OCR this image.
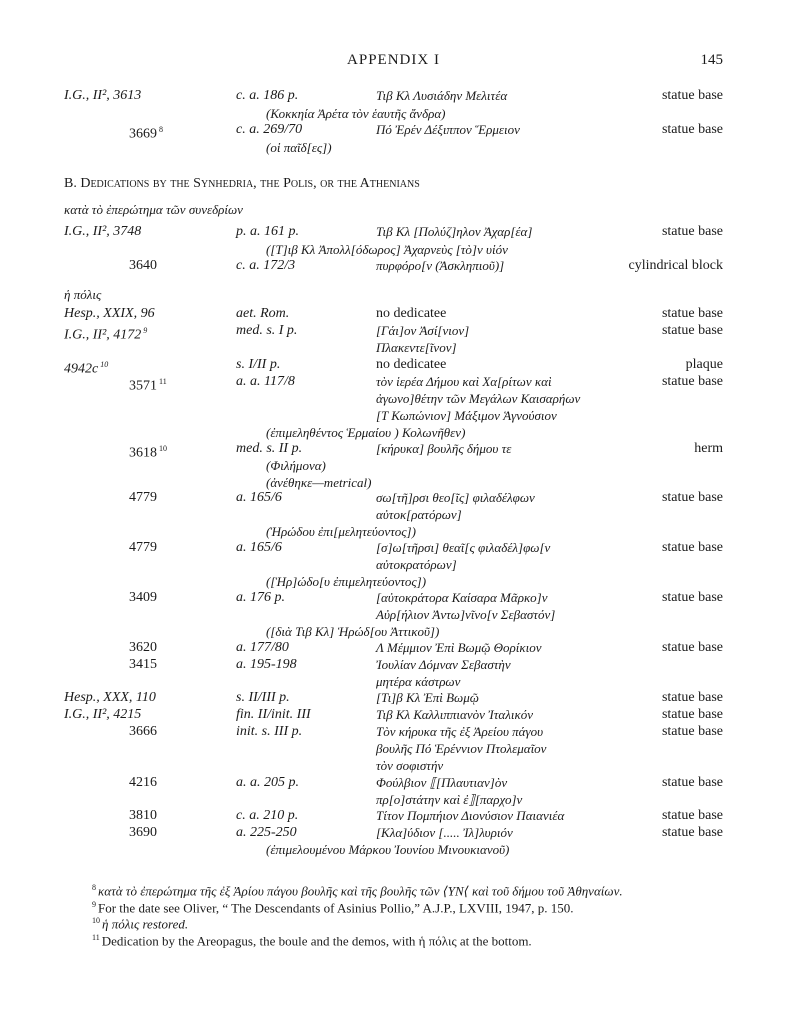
APPENDIX I	145
B. Dedications by the Synhedria, the Polis, or the Athenians
κατὰ τὸ ἐπερώτημα τῶν συνεδρίων
ἡ πόλις
I.G., II², 3613	c. a. 186 p.	Τιβ Κλ Λυσιάδην Μελιτέα	statue base
(Κοκκηία Ἀρέτα τὸν ἑαυτῆς ἄνδρα)
3669 $^8$	c. a. 269/70	Πό Ἐρέν Δέξιππον Ἕρμειον	statue base
(οἱ παῖδ[ες])
I.G., II², 3748	p. a. 161 p.	Τιβ Κλ [Πολύζ]ηλον Ἀχαρ[έα]	statue base
([Τ]ιβ Κλ Ἀπολλ[όδωρος] Ἀχαρνεὺς [τὸ]ν υἱόν
3640	c. a. 172/3	πυρφόρο[ν (Ἀσκληπιοῦ)]	cylindrical block
Hesp., XXIX, 96	aet. Rom.	no dedicatee	statue base
I.G., II², 4172 $^9$	med. s. I p.	[Γάι]ον Ἀσί[νιον]	statue base
Πλακεντε[ῖνον]
4942c $^{10}$	s. I/II p.	no dedicatee	plaque
3571 $^{11}$	a. a. 117/8	τὸν ἱερέα Δήμου καὶ Χα[ρίτων καὶ	statue base
ἀγωνο]θέτην τῶν Μεγάλων Καισαρήων
[Τ Κωπώνιον] Μάξιμον Ἁγνούσιον
(ἐπιμεληθέντος Ἑρμαίου ) Κολωνῆθεν)
3618 $^{10}$	med. s. II p.	[κήρυκα] βουλῆς δήμου τε	herm
(Φιλήμονα)
(ἀνέθηκε—metrical)
4779	a. 165/6	σω[τῆ]ρσι θεο[ῖς] φιλαδέλφων	statue base
αὐτοκ[ρατόρων]
(Ἡρώδου ἐπι[μελητεύοντος])
4779	a. 165/6	[σ]ω[τῆρσι] θεαῖ[ς φιλαδέλ]φω[ν	statue base
αὐτοκρατόρων]
([Ἡρ]ώδο[υ ἐπιμελητεύοντος])
3409	a. 176 p.	[αὐτοκράτορα Καίσαρα Μᾶρκο]ν	statue base
Αὐρ[ήλιον Ἀντω]νῖνο[ν Σεβαστόν]
([διὰ Τιβ Κλ] Ἡρώδ[ου Ἀττικοῦ])
3620	a. 177/80	Λ Μέμμιον Ἐπὶ Βωμῷ Θορίκιον	statue base
3415	a. 195-198	Ἰουλίαν Δόμναν Σεβαστὴν
μητέρα κάστρων
Hesp., XXX, 110	s. II/III p.	[Τι]β Κλ Ἐπὶ Βωμῷ	statue base
I.G., II², 4215	fin. II/init. III	Τιβ Κλ Καλλιππιανὸν Ἰταλικόν	statue base
3666	init. s. III p.	Τὸν κήρυκα τῆς ἐξ Ἀρείου πάγου	statue base
βουλῆς Πό Ἑρέννιον Πτολεμαῖον
τὸν σοφιστήν
4216	a. a. 205 p.	Φούλβιον ⟦[Πλαυτιαν]ὸν	statue base
πρ[ο]στάτην καὶ ἐ⟧[παρχο]ν
3810	c. a. 210 p.	Τίτον Πομπήιον Διονύσιον Παιανιέα	statue base
3690	a. 225-250	[Κλα]ύδιον [..... Ἰλ]λυριόν	statue base
(ἐπιμελουμένου Μάρκου Ἰουνίου Μινουκιανοῦ)
$^8$ κατὰ τὸ ἐπερώτημα τῆς ἐξ Ἀρίου πάγου βουλῆς καὶ τῆς βουλῆς τῶν ⟨YN⟨ καὶ τοῦ δήμου τοῦ Ἀθηναίων.
$^9$ For the date see Oliver, “ The Descendants of Asinius Pollio,” A.J.P., LXVIII, 1947, p. 150.
$^{10}$ ἡ πόλις restored.
$^{11}$ Dedication by the Areopagus, the boule and the demos, with ἡ πόλις at the bottom.
